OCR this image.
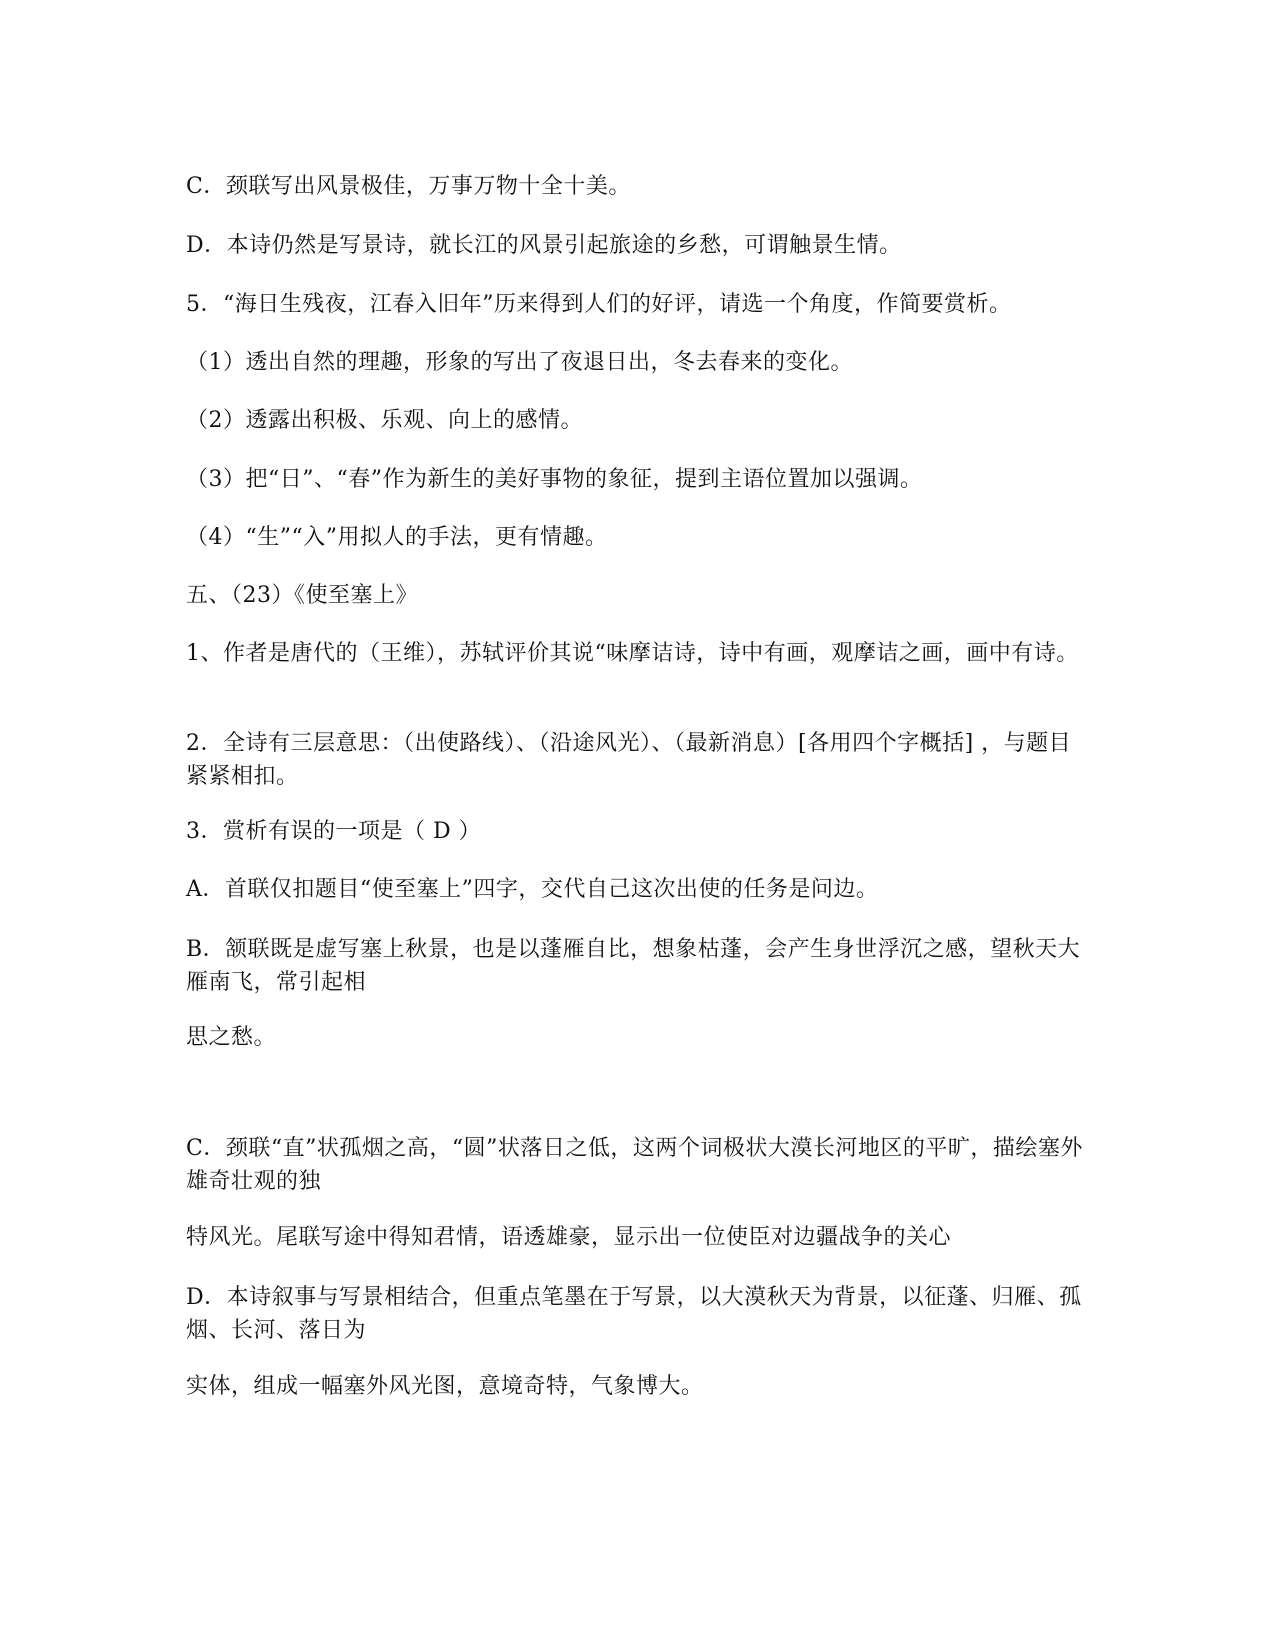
C．颈联写出风景极佳，万事万物十全十美。
D．本诗仍然是写景诗，就长江的风景引起旅途的乡愁，可谓触景生情。
5．“海日生残夜，江春入旧年”历来得到人们的好评，请选一个角度，作简要赏析。
（1）透出自然的理趣，形象的写出了夜退日出，冬去春来的变化。
（2）透露出积极、乐观、向上的感情。
（3）把“日”、“春”作为新生的美好事物的象征，提到主语位置加以强调。
（4）“生”“入”用拟人的手法，更有情趣。
五、（23）《使至塞上》
1、作者是唐代的（王维），苏轼评价其说“味摩诘诗，诗中有画，观摩诘之画，画中有诗。
2．全诗有三层意思：（出使路线）、（沿途风光）、（最新消息）[各用四个字概括] ，与题目紧紧相扣。
3．赏析有误的一项是（ D ）
A．首联仅扣题目“使至塞上”四字，交代自己这次出使的任务是问边。
B．颔联既是虚写塞上秋景，也是以蓬雁自比，想象枯蓬，会产生身世浮沉之感，望秋天大雁南飞，常引起相
思之愁。
C．颈联“直”状孤烟之高，“圆”状落日之低，这两个词极状大漠长河地区的平旷，描绘塞外雄奇壮观的独
特风光。尾联写途中得知君情，语透雄豪，显示出一位使臣对边疆战争的关心
D．本诗叙事与写景相结合，但重点笔墨在于写景，以大漠秋天为背景，以征蓬、归雁、孤烟、长河、落日为
实体，组成一幅塞外风光图，意境奇特，气象博大。
